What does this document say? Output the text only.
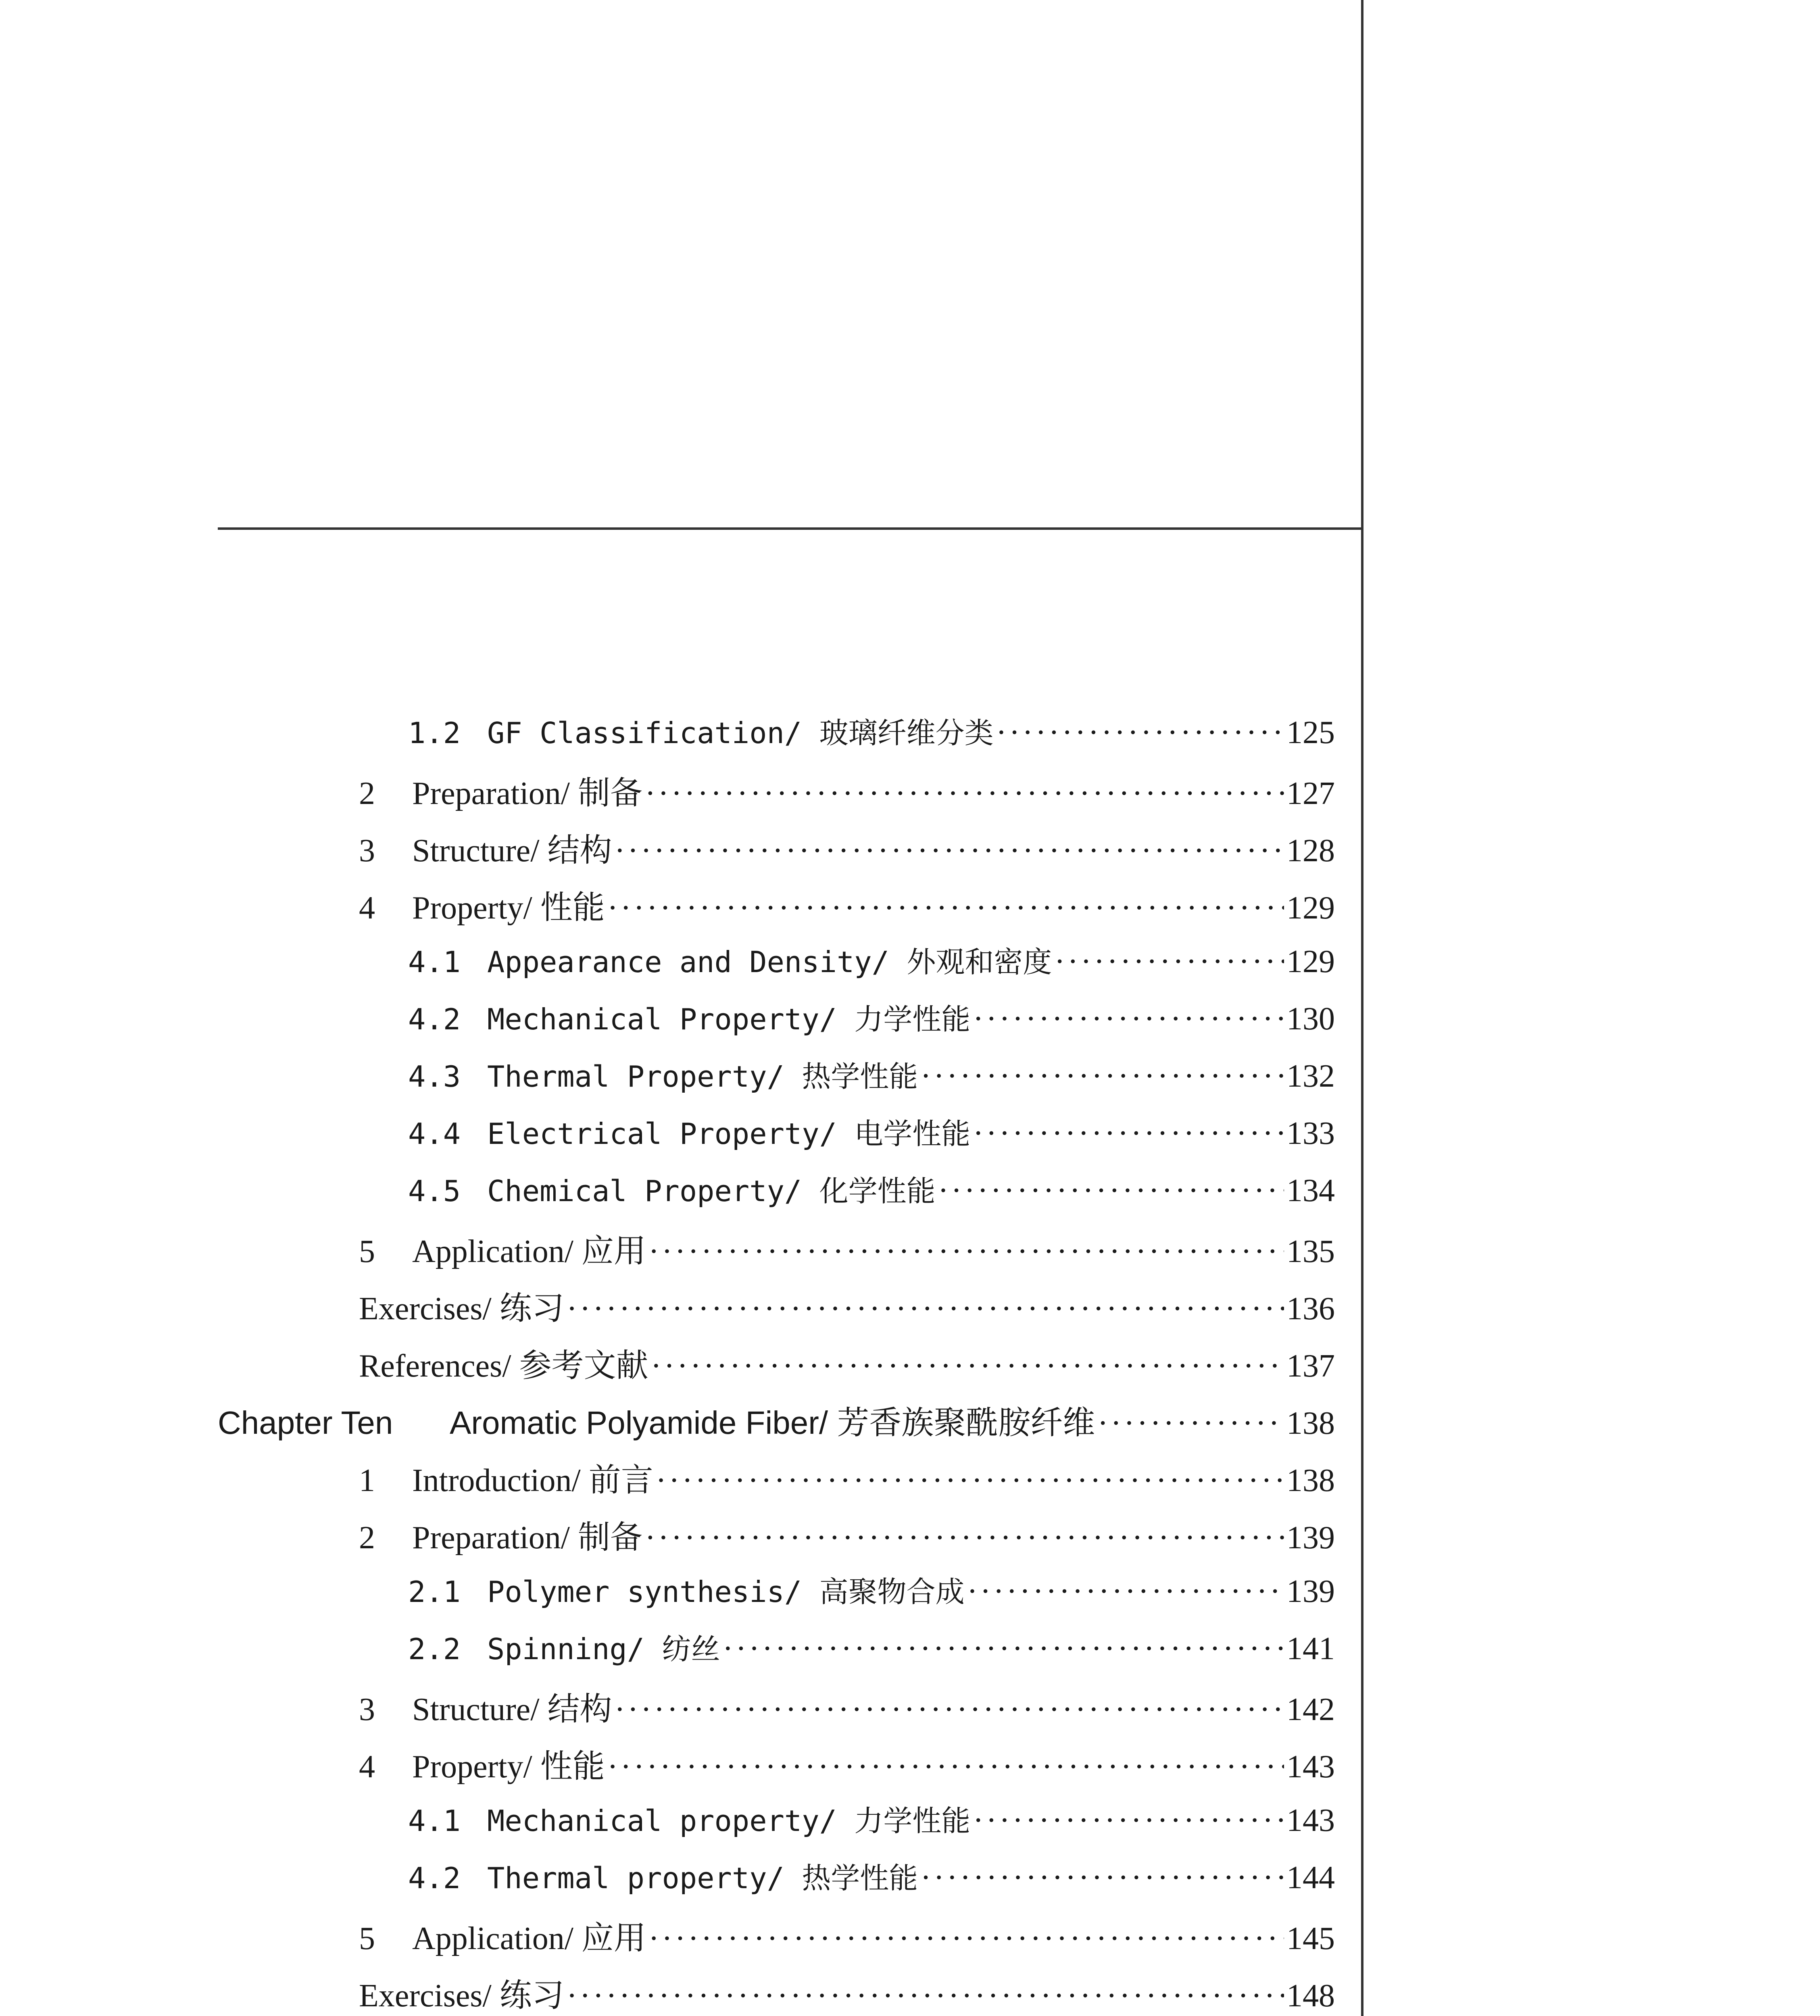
1.2 GF Classification/ 玻璃纤维分类 ·····	125
2	Preparation/ 制备 ·····	127
3	Structure/ 结构 ·····	128
4	Property/ 性能 ·····	129
4.1 Appearance and Density/ 外观和密度 ·····	129
4.2 Mechanical Property/ 力学性能 ·····	130
4.3 Thermal Property/ 热学性能 ·····	132
4.4 Electrical Property/ 电学性能 ·····	133
4.5 Chemical Property/ 化学性能 ·····	134
5	Application/ 应用 ·····	135
Exercises/ 练习 ·····	136
References/ 参考文献 ·····	137
Chapter Ten	Aromatic Polyamide Fiber/ 芳香族聚酰胺纤维 ·····	138
1	Introduction/ 前言 ·····	138
2	Preparation/ 制备 ·····	139
2.1 Polymer synthesis/ 高聚物合成 ·····	139
2.2 Spinning/ 纺丝 ·····	141
3	Structure/ 结构 ·····	142
4	Property/ 性能 ·····	143
4.1 Mechanical property/ 力学性能 ·····	143
4.2 Thermal property/ 热学性能 ·····	144
5	Application/ 应用 ·····	145
Exercises/ 练习 ·····	148
